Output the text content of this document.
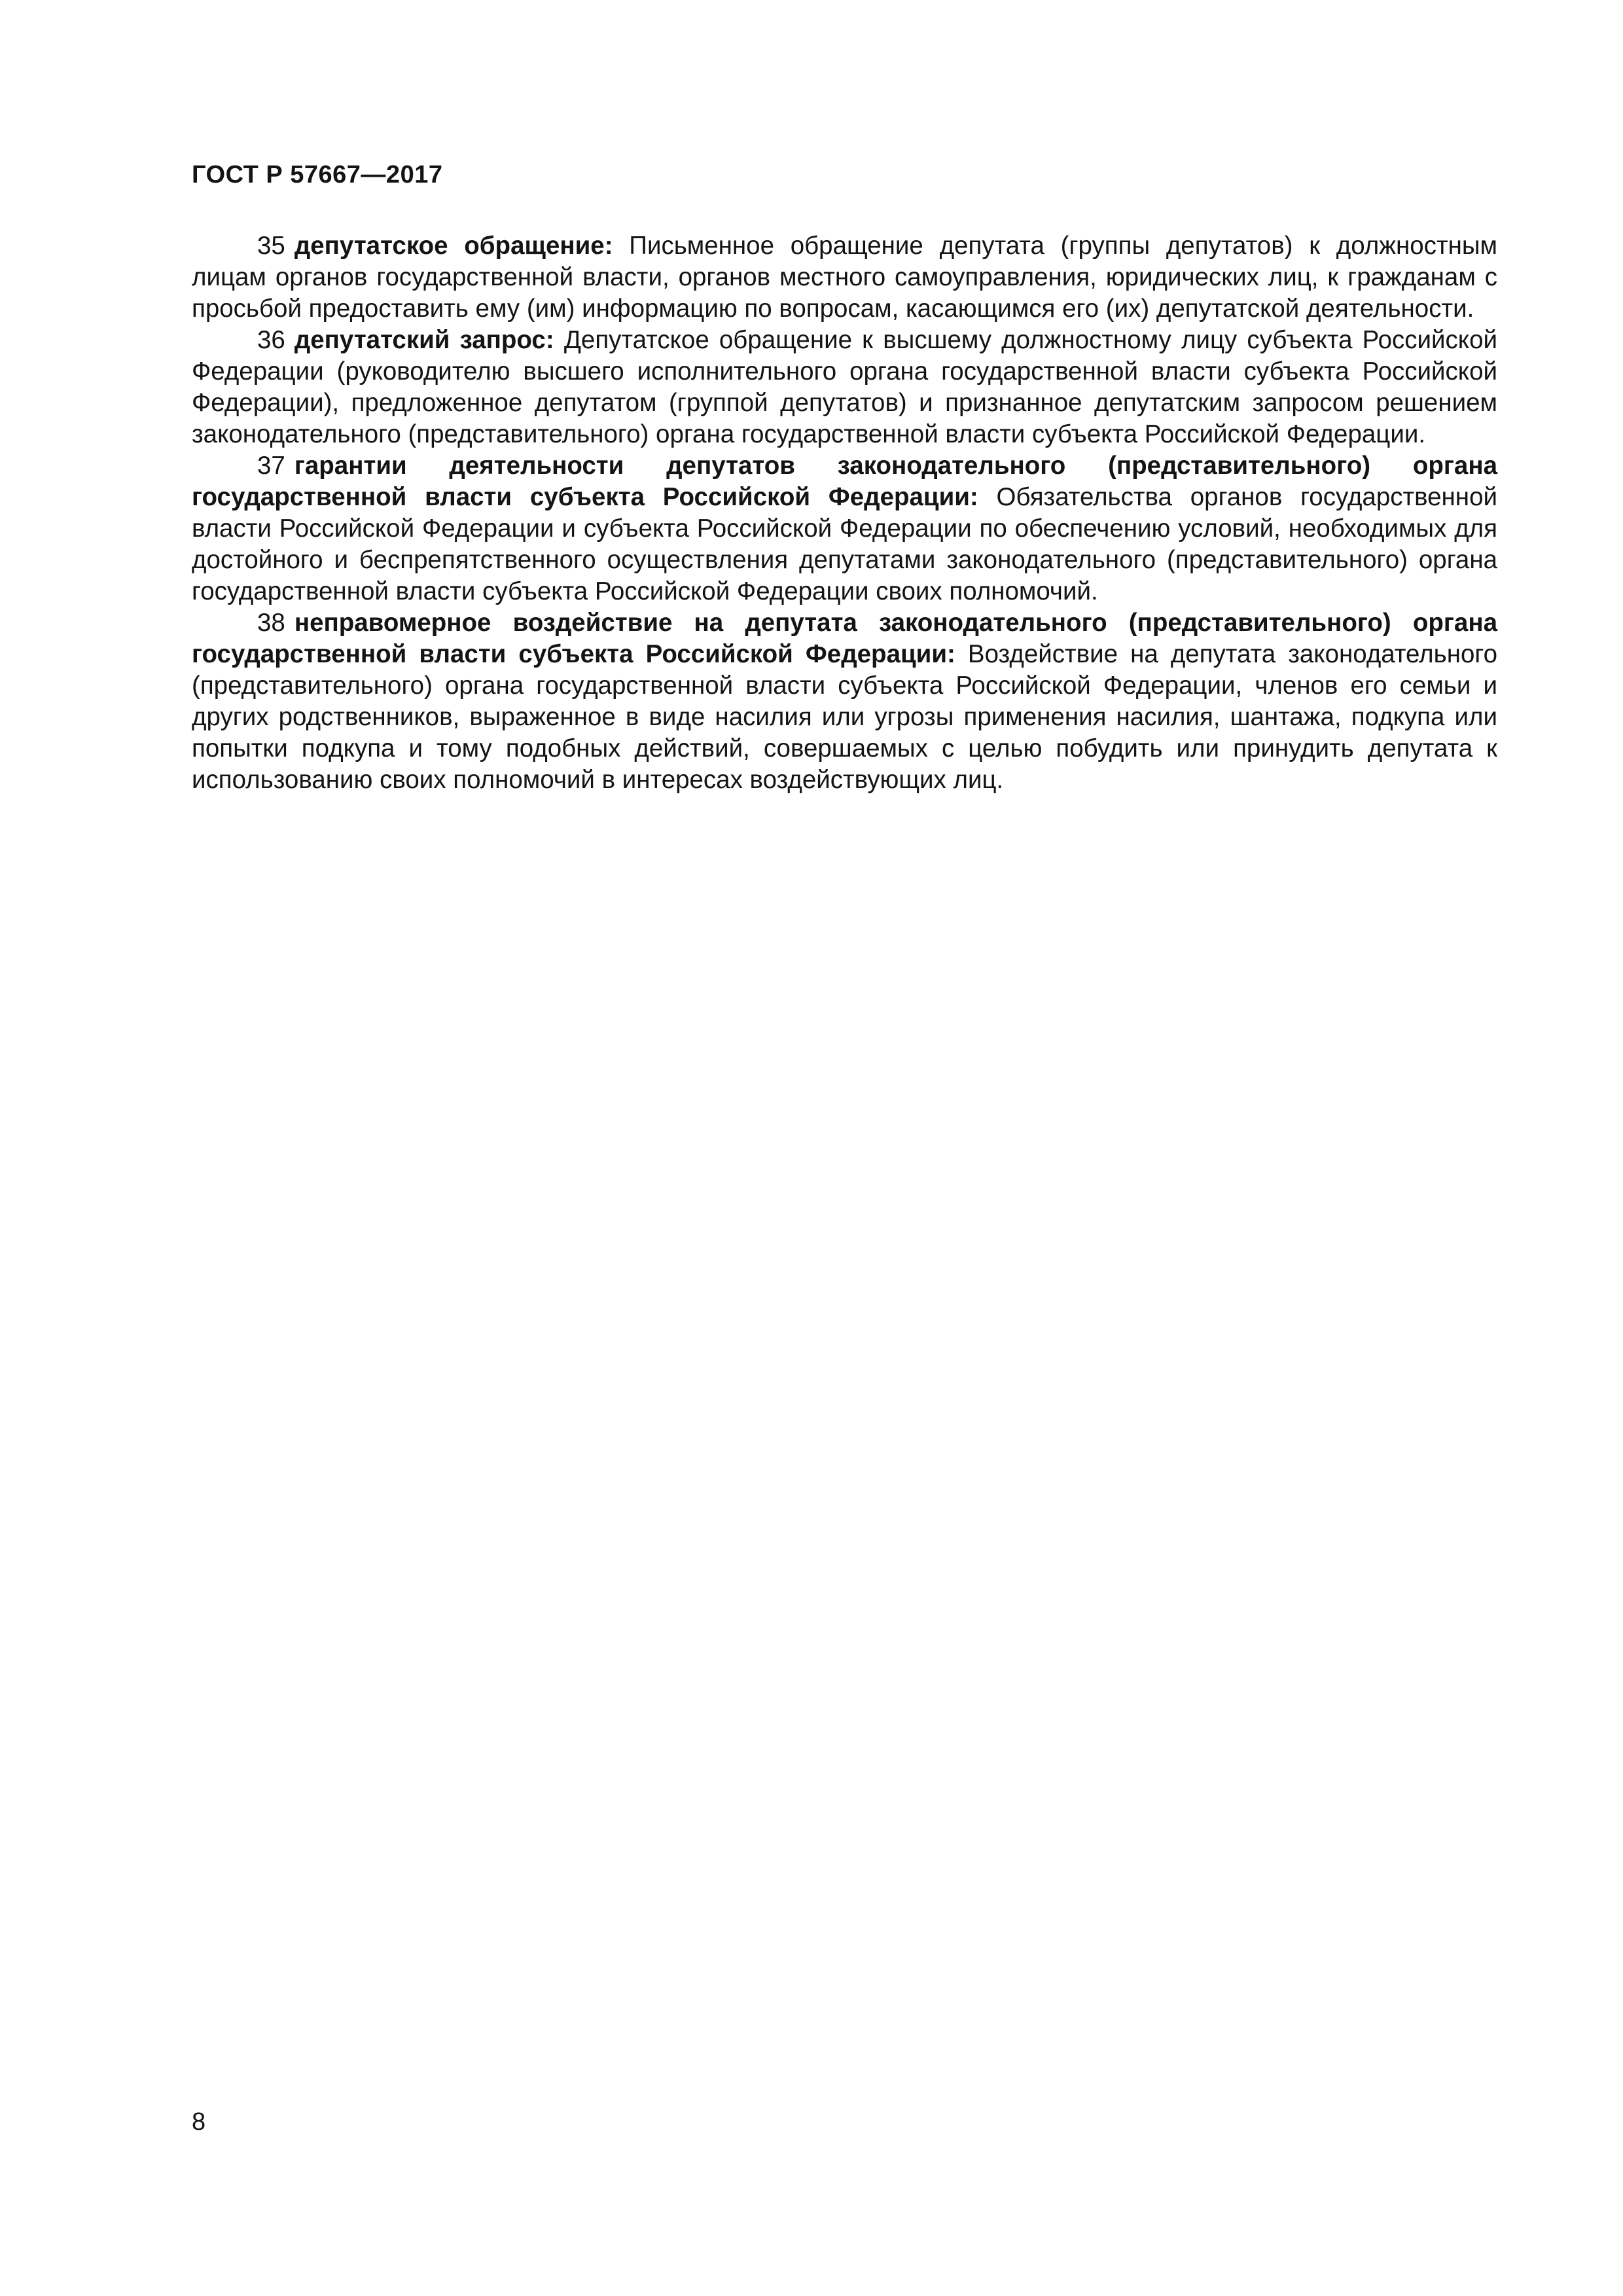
ГОСТ Р 57667—2017

35 депутатское обращение: Письменное обращение депутата (группы депутатов) к должностным лицам органов государственной власти, органов местного самоуправления, юридических лиц, к гражданам с просьбой предоставить ему (им) информацию по вопросам, касающимся его (их) депутатской деятельности.

36 депутатский запрос: Депутатское обращение к высшему должностному лицу субъекта Российской Федерации (руководителю высшего исполнительного органа государственной власти субъекта Российской Федерации), предложенное депутатом (группой депутатов) и признанное депутатским запросом решением законодательного (представительного) органа государственной власти субъекта Российской Федерации.

37 гарантии деятельности депутатов законодательного (представительного) органа государственной власти субъекта Российской Федерации: Обязательства органов государственной власти Российской Федерации и субъекта Российской Федерации по обеспечению условий, необходимых для достойного и беспрепятственного осуществления депутатами законодательного (представительного) органа государственной власти субъекта Российской Федерации своих полномочий.

38 неправомерное воздействие на депутата законодательного (представительного) органа государственной власти субъекта Российской Федерации: Воздействие на депутата законодательного (представительного) органа государственной власти субъекта Российской Федерации, членов его семьи и других родственников, выраженное в виде насилия или угрозы применения насилия, шантажа, подкупа или попытки подкупа и тому подобных действий, совершаемых с целью побудить или принудить депутата к использованию своих полномочий в интересах воздействующих лиц.

8
